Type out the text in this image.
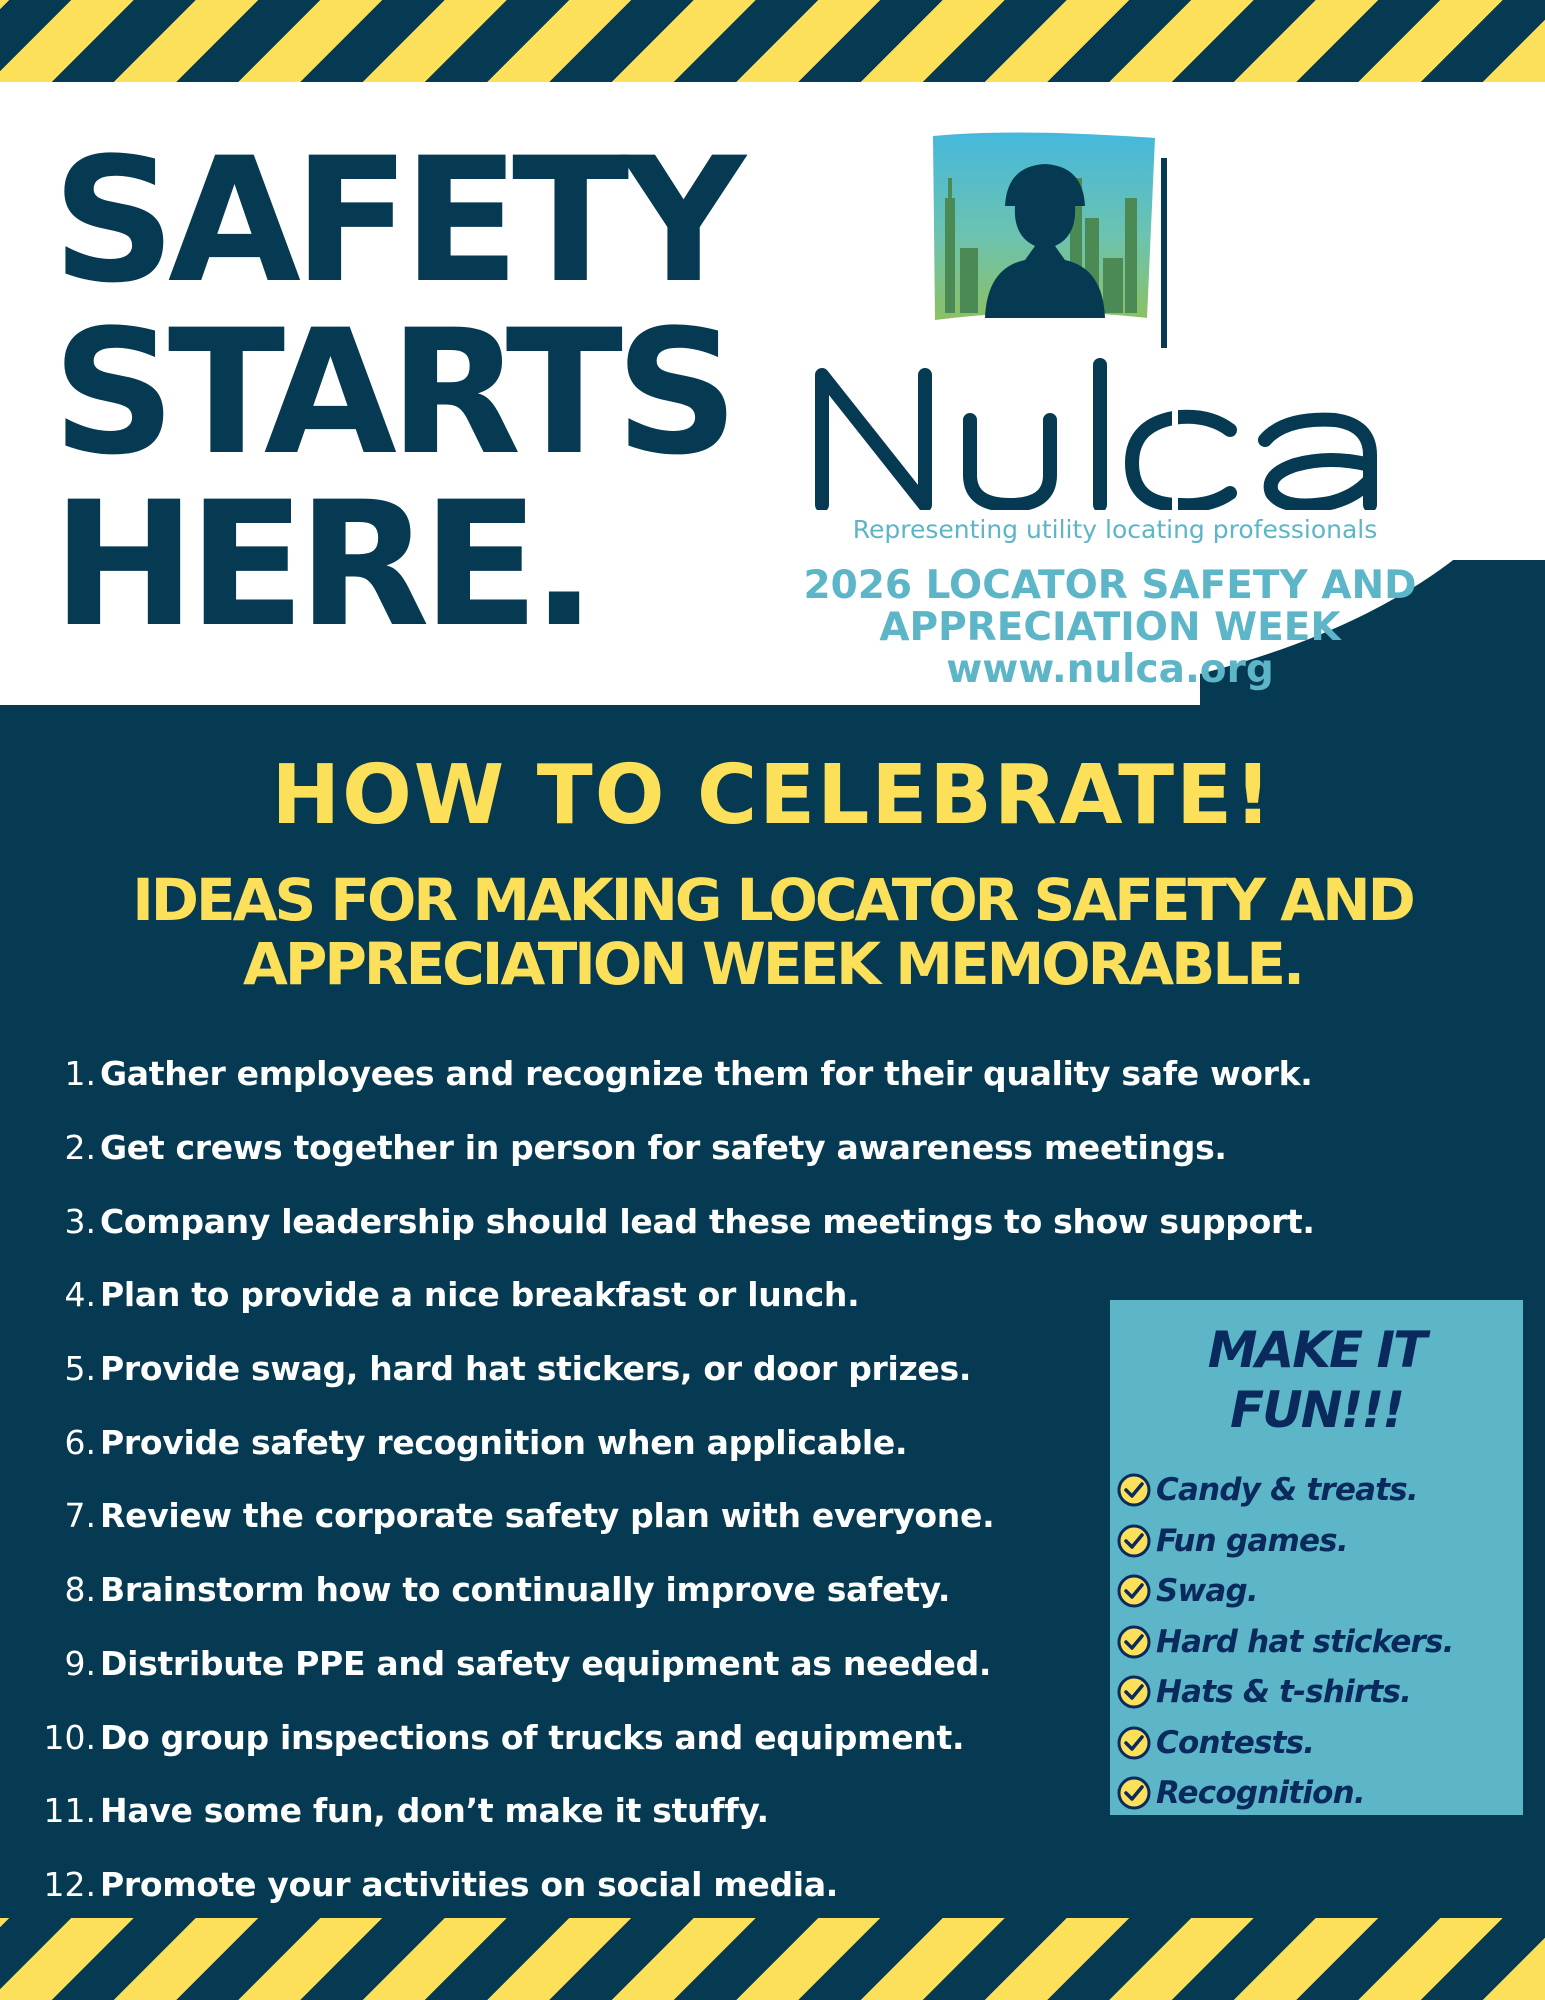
SAFETY
STARTS
HERE.	Representing utility locating professionals
2026 LOCATOR SAFETY AND
APPRECIATION WEEK
www.nulca.org
HOW TO CELEBRATE!
IDEAS FOR MAKING LOCATOR SAFETY AND
APPRECIATION WEEK MEMORABLE.
1. Gather employees and recognize them for their quality safe work.
2. Get crews together in person for safety awareness meetings.
3. Company leadership should lead these meetings to show support.
4. Plan to provide a nice breakfast or lunch.
5. Provide swag, hard hat stickers, or door prizes.
6. Provide safety recognition when applicable.
7. Review the corporate safety plan with everyone.
8. Brainstorm how to continually improve safety.
9. Distribute PPE and safety equipment as needed.
10. Do group inspections of trucks and equipment.
11. Have some fun, don’t make it stuffy.
12. Promote your activities on social media.
MAKE IT
FUN!!!
Candy & treats.
Fun games.
Swag.
Hard hat stickers.
Hats & t-shirts.
Contests.
Recognition.
